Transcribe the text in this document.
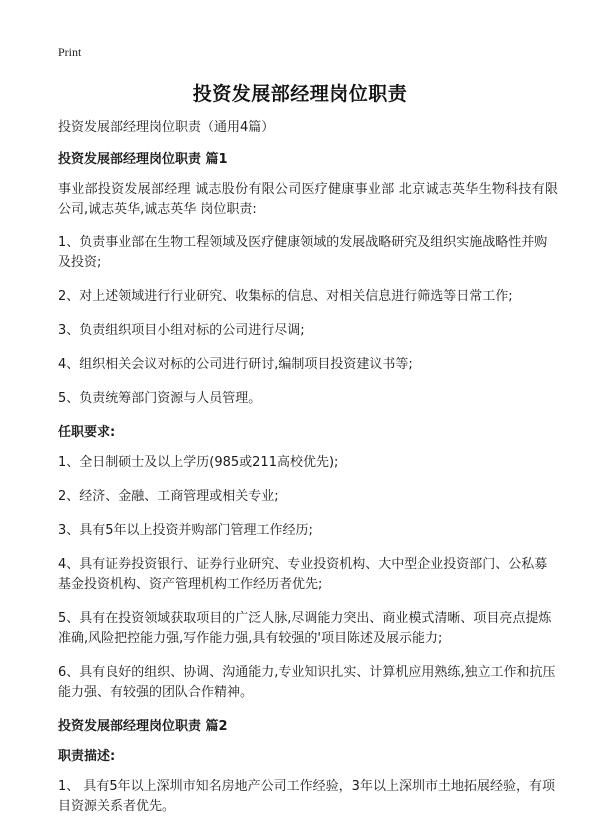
Print
投资发展部经理岗位职责

投资发展部经理岗位职责（通用4篇）

投资发展部经理岗位职责 篇1

事业部投资发展部经理 诚志股份有限公司医疗健康事业部 北京诚志英华生物科技有限公司,诚志英华,诚志英华 岗位职责:

1、负责事业部在生物工程领域及医疗健康领域的发展战略研究及组织实施战略性并购及投资;
2、对上述领域进行行业研究、收集标的信息、对相关信息进行筛选等日常工作;
3、负责组织项目小组对标的公司进行尽调;
4、组织相关会议对标的公司进行研讨,编制项目投资建议书等;
5、负责统筹部门资源与人员管理。

任职要求:

1、全日制硕士及以上学历(985或211高校优先);
2、经济、金融、工商管理或相关专业;
3、具有5年以上投资并购部门管理工作经历;
4、具有证券投资银行、证券行业研究、专业投资机构、大中型企业投资部门、公私募基金投资机构、资产管理机构工作经历者优先;
5、具有在投资领域获取项目的广泛人脉,尽调能力突出、商业模式清晰、项目亮点提炼准确,风险把控能力强,写作能力强,具有较强的'项目陈述及展示能力;
6、具有良好的组织、协调、沟通能力,专业知识扎实、计算机应用熟练,独立工作和抗压能力强、有较强的团队合作精神。

投资发展部经理岗位职责 篇2

职责描述:

1、 具有5年以上深圳市知名房地产公司工作经验，3年以上深圳市土地拓展经验，有项目资源关系者优先。
